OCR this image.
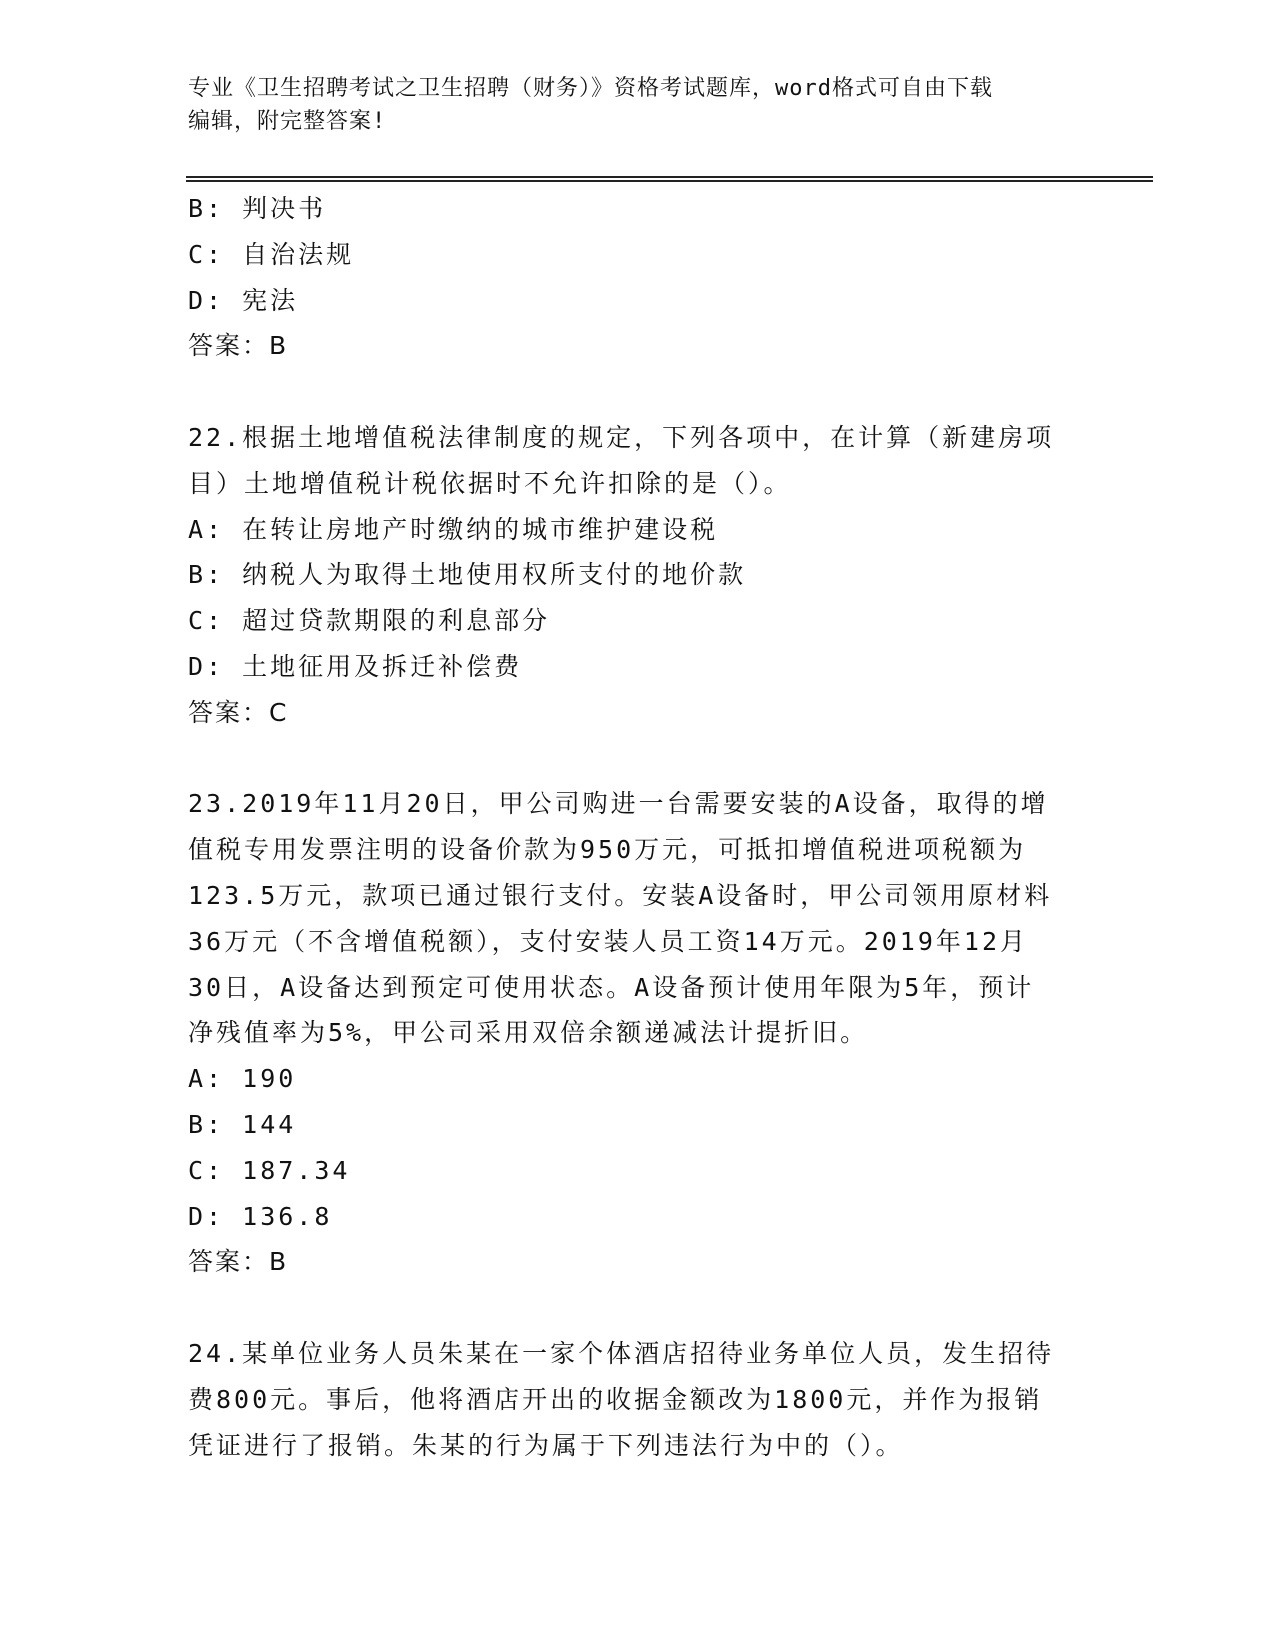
专业《卫生招聘考试之卫生招聘（财务）》资格考试题库，word格式可自由下载
编辑，附完整答案!
B: 判决书
C: 自治法规
D: 宪法
答案：B
22.根据土地增值税法律制度的规定，下列各项中，在计算（新建房项
目）土地增值税计税依据时不允许扣除的是（）。
A: 在转让房地产时缴纳的城市维护建设税
B: 纳税人为取得土地使用权所支付的地价款
C: 超过贷款期限的利息部分
D: 土地征用及拆迁补偿费
答案：C
23.2019年11月20日，甲公司购进一台需要安装的A设备，取得的增
值税专用发票注明的设备价款为950万元，可抵扣增值税进项税额为
123.5万元，款项已通过银行支付。安装A设备时，甲公司领用原材料
36万元（不含增值税额），支付安装人员工资14万元。2019年12月
30日，A设备达到预定可使用状态。A设备预计使用年限为5年，预计
净残值率为5%，甲公司采用双倍余额递减法计提折旧。
A: 190
B: 144
C: 187.34
D: 136.8
答案：B
24.某单位业务人员朱某在一家个体酒店招待业务单位人员，发生招待
费800元。事后，他将酒店开出的收据金额改为1800元，并作为报销
凭证进行了报销。朱某的行为属于下列违法行为中的（）。
